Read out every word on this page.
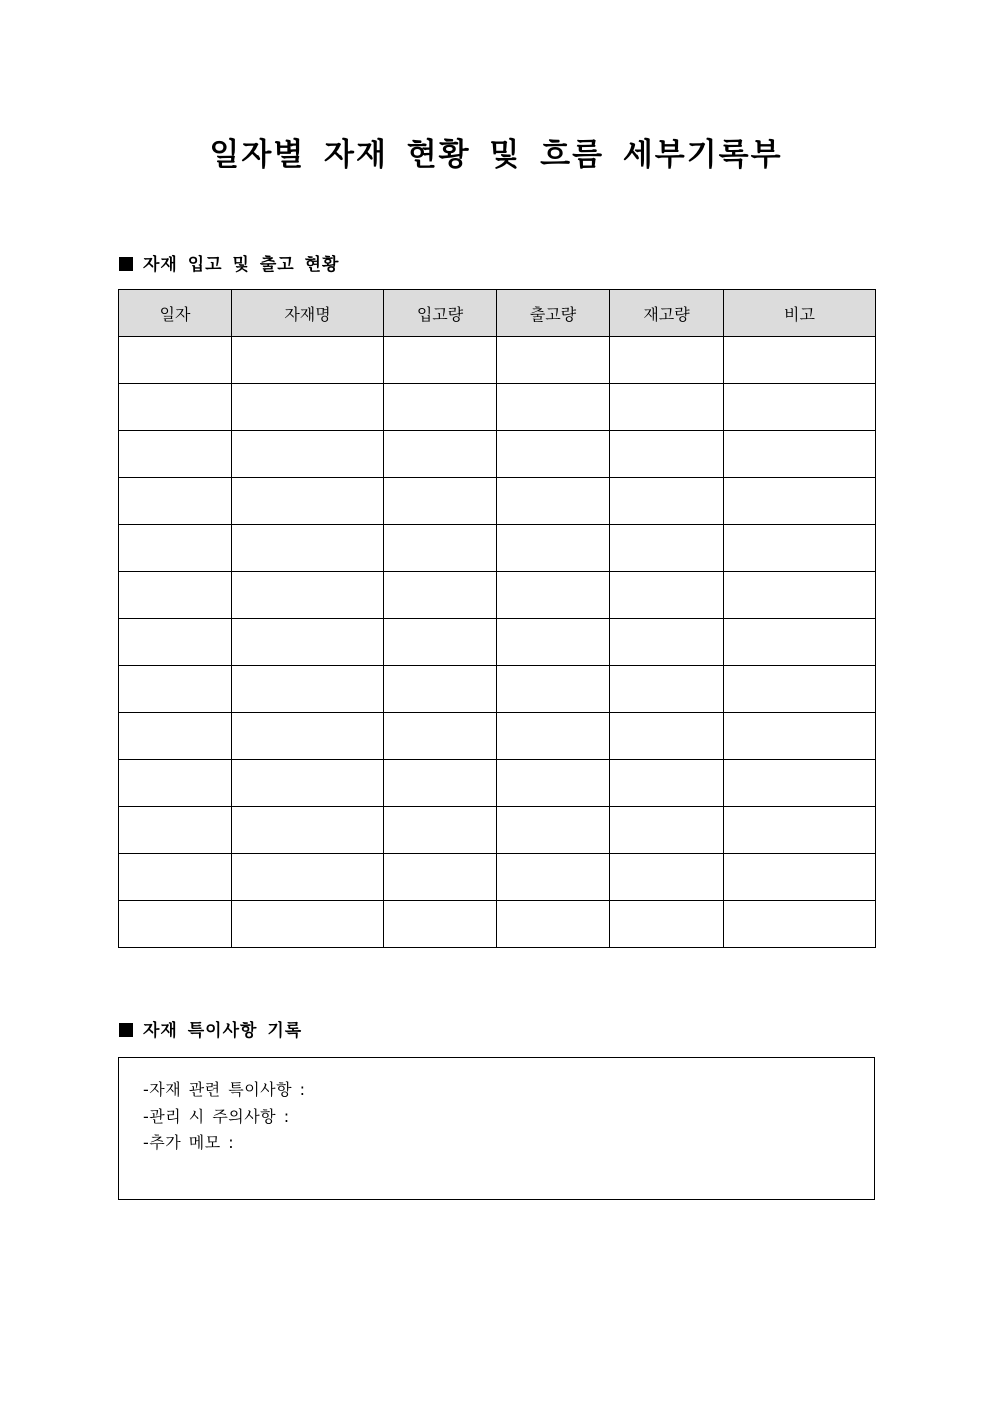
일자별 자재 현황 및 흐름 세부기록부
자재 입고 및 출고 현황
일자	자재명	입고량	출고량	재고량	비고

자재 특이사항 기록
-자재 관련 특이사항 :
-관리 시 주의사항 :
-추가 메모 :
